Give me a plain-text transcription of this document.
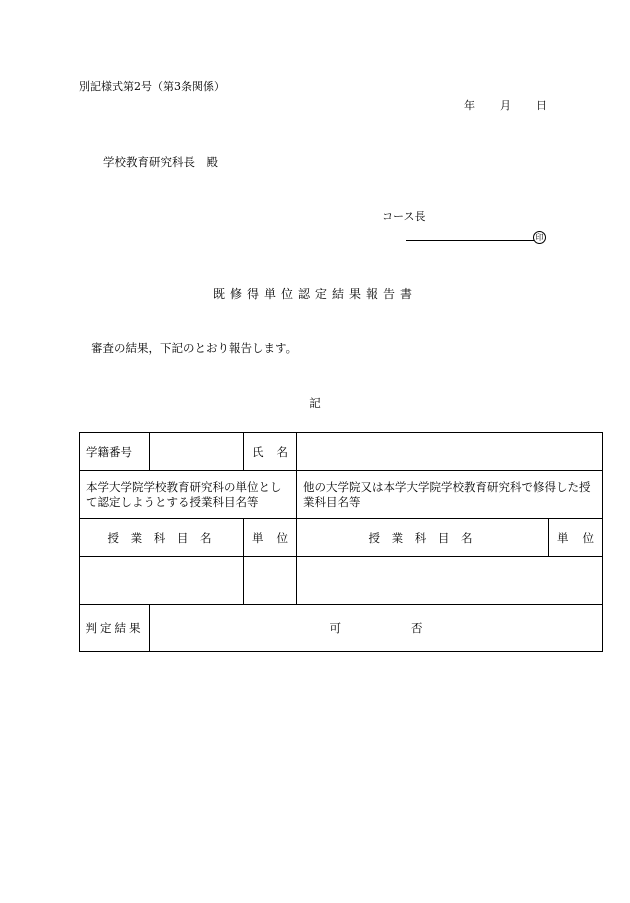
別記様式第2号（第3条関係）
年 月 日
学校教育研究科長　殿
コース長
印
既修得単位認定結果報告書
審査の結果，下記のとおり報告します。
記
学籍番号		氏 名		

本学大学院学校教育研究科の単位として認定しようとする授業科目名等			他の大学院又は本学大学院学校教育研究科で修得した授業科目名等	
授 業 科 目 名		単 位	授 業 科 目 名	単 位

判定結果	可 否			
